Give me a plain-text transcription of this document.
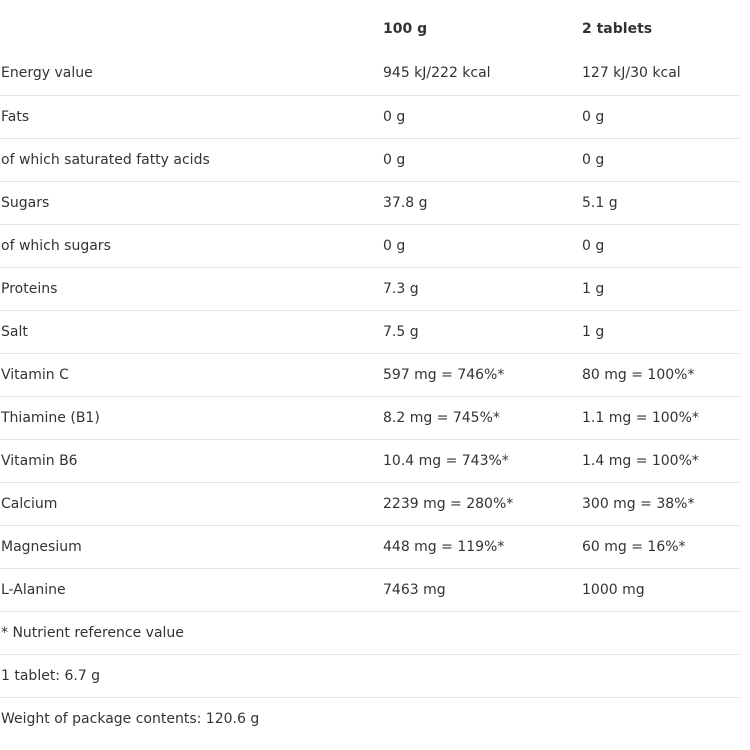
	100 g	2 tablets
Energy value	945 kJ/222 kcal	127 kJ/30 kcal
Fats	0 g	0 g
of which saturated fatty acids	0 g	0 g
Sugars	37.8 g	5.1 g
of which sugars	0 g	0 g
Proteins	7.3 g	1 g
Salt	7.5 g	1 g
Vitamin C	597 mg = 746%*	80 mg = 100%*
Thiamine (B1)	8.2 mg = 745%*	1.1 mg = 100%*
Vitamin B6	10.4 mg = 743%*	1.4 mg = 100%*
Calcium	2239 mg = 280%*	300 mg = 38%*
Magnesium	448 mg = 119%*	60 mg = 16%*
L-Alanine	7463 mg	1000 mg
* Nutrient reference value		
1 tablet: 6.7 g		
Weight of package contents: 120.6 g		
